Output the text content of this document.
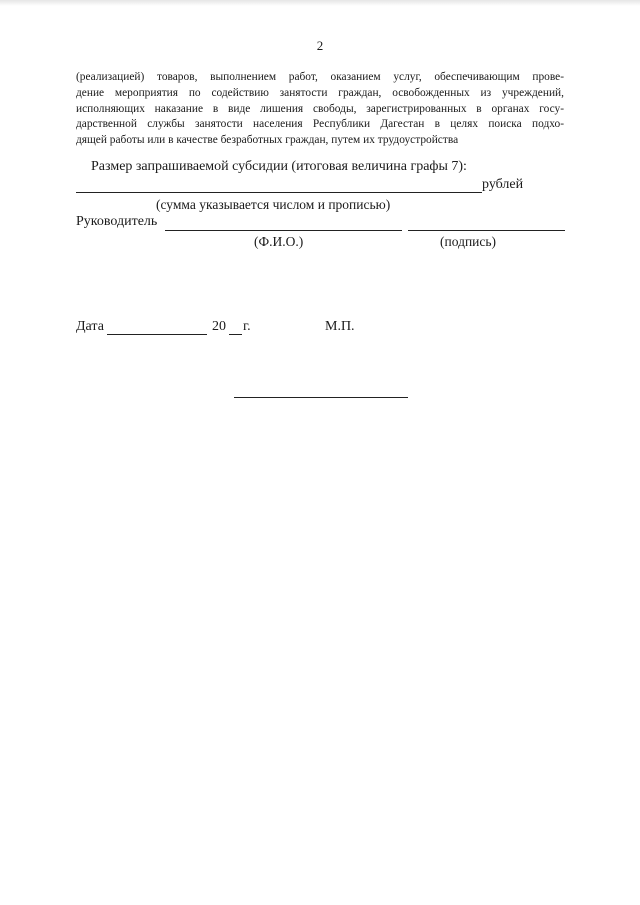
2

(реализацией) товаров, выполнением работ, оказанием услуг, обеспечивающим прове-
дение мероприятия по содействию занятости граждан, освобожденных из учреждений,
исполняющих наказание в виде лишения свободы, зарегистрированных в органах госу-
дарственной службы занятости населения Республики Дагестан в целях поиска подхо-
дящей работы или в качестве безработных граждан, путем их трудоустройства

Размер запрашиваемой субсидии (итоговая величина графы 7):
рублей
(сумма указывается числом и прописью)
Руководитель
(Ф.И.О.)	(подпись)
Дата	20 г.	М.П.
